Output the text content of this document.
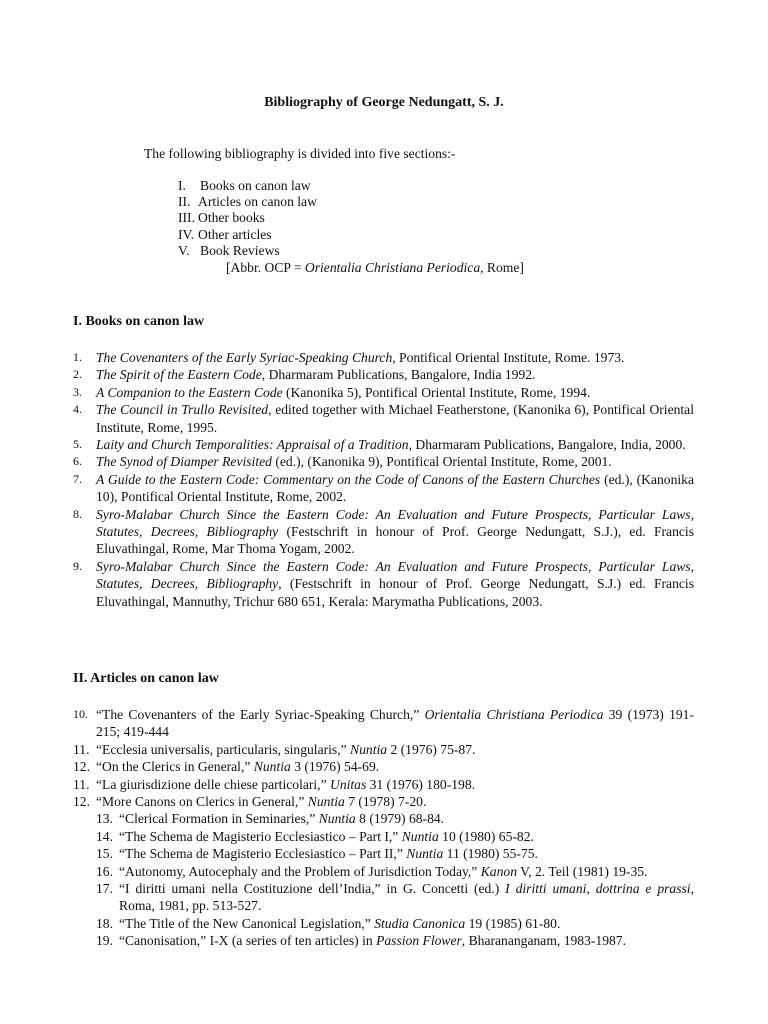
Bibliography of George Nedungatt, S. J.
The following bibliography is divided into five sections:-
I. Books on canon law
II. Articles on canon law
III. Other books
IV. Other articles
V. Book Reviews
[Abbr. OCP = Orientalia Christiana Periodica, Rome]
I. Books on canon law
1. The Covenanters of the Early Syriac-Speaking Church, Pontifical Oriental Institute, Rome. 1973.
2. The Spirit of the Eastern Code, Dharmaram Publications, Bangalore, India 1992.
3. A Companion to the Eastern Code (Kanonika 5), Pontifical Oriental Institute, Rome, 1994.
4. The Council in Trullo Revisited, edited together with Michael Featherstone, (Kanonika 6), Pontifical Oriental Institute, Rome, 1995.
5. Laity and Church Temporalities: Appraisal of a Tradition, Dharmaram Publications, Bangalore, India, 2000.
6. The Synod of Diamper Revisited (ed.), (Kanonika 9), Pontifical Oriental Institute, Rome, 2001.
7. A Guide to the Eastern Code: Commentary on the Code of Canons of the Eastern Churches (ed.), (Kanonika 10), Pontifical Oriental Institute, Rome, 2002.
8. Syro-Malabar Church Since the Eastern Code: An Evaluation and Future Prospects, Particular Laws, Statutes, Decrees, Bibliography (Festschrift in honour of Prof. George Nedungatt, S.J.), ed. Francis Eluvathingal, Rome, Mar Thoma Yogam, 2002.
9. Syro-Malabar Church Since the Eastern Code: An Evaluation and Future Prospects, Particular Laws, Statutes, Decrees, Bibliography, (Festschrift in honour of Prof. George Nedungatt, S.J.) ed. Francis Eluvathingal, Mannuthy, Trichur 680 651, Kerala: Marymatha Publications, 2003.
II. Articles on canon law
10. “The Covenanters of the Early Syriac-Speaking Church,” Orientalia Christiana Periodica 39 (1973) 191-215; 419-444
11. “Ecclesia universalis, particularis, singularis,” Nuntia 2 (1976) 75-87.
12. “On the Clerics in General,” Nuntia 3 (1976) 54-69.
11. “La giurisdizione delle chiese particolari,” Unitas 31 (1976) 180-198.
12. “More Canons on Clerics in General,” Nuntia 7 (1978) 7-20.
13. “Clerical Formation in Seminaries,” Nuntia 8 (1979) 68-84.
14. “The Schema de Magisterio Ecclesiastico – Part I,” Nuntia 10 (1980) 65-82.
15. “The Schema de Magisterio Ecclesiastico – Part II,” Nuntia 11 (1980) 55-75.
16. “Autonomy, Autocephaly and the Problem of Jurisdiction Today,” Kanon V, 2. Teil (1981) 19-35.
17. “I diritti umani nella Costituzione dell’India,” in G. Concetti (ed.) I diritti umani, dottrina e prassi, Roma, 1981, pp. 513-527.
18. “The Title of the New Canonical Legislation,” Studia Canonica 19 (1985) 61-80.
19. “Canonisation,” I-X (a series of ten articles) in Passion Flower, Bharananganam, 1983-1987.
